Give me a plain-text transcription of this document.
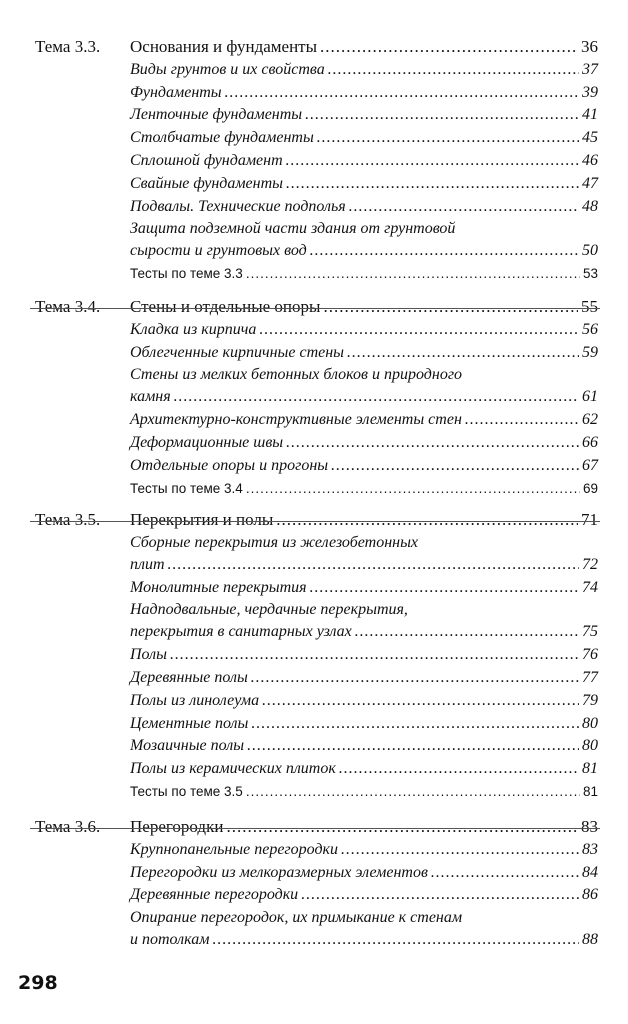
Тема 3.3. Основания и фундаменты .....	36
Виды грунтов и их свойства .....	37
Фундаменты .....	39
Ленточные фундаменты .....	41
Столбчатые фундаменты .....	45
Сплошной фундамент .....	46
Свайные фундаменты .....	47
Подвалы. Технические подполья .....	48
Защита подземной части здания от грунтовой
сырости и грунтовых вод .....	50
Тесты по теме 3.3 .....	53
Тема 3.4. Стены и отдельные опоры .....	55
Кладка из кирпича .....	56
Облегченные кирпичные стены .....	59
Стены из мелких бетонных блоков и природного
камня .....	61
Архитектурно-конструктивные элементы стен .....	62
Деформационные швы .....	66
Отдельные опоры и прогоны .....	67
Тесты по теме 3.4 .....	69
Тема 3.5. Перекрытия и полы .....	71
Сборные перекрытия из железобетонных
плит .....	72
Монолитные перекрытия .....	74
Надподвальные, чердачные перекрытия,
перекрытия в санитарных узлах .....	75
Полы .....	76
Деревянные полы .....	77
Полы из линолеума .....	79
Цементные полы .....	80
Мозаичные полы .....	80
Полы из керамических плиток .....	81
Тесты по теме 3.5 .....	81
Тема 3.6. Перегородки .....	83
Крупнопанельные перегородки .....	83
Перегородки из мелкоразмерных элементов .....	84
Деревянные перегородки .....	86
Опирание перегородок, их примыкание к стенам
и потолкам .....	88
298
